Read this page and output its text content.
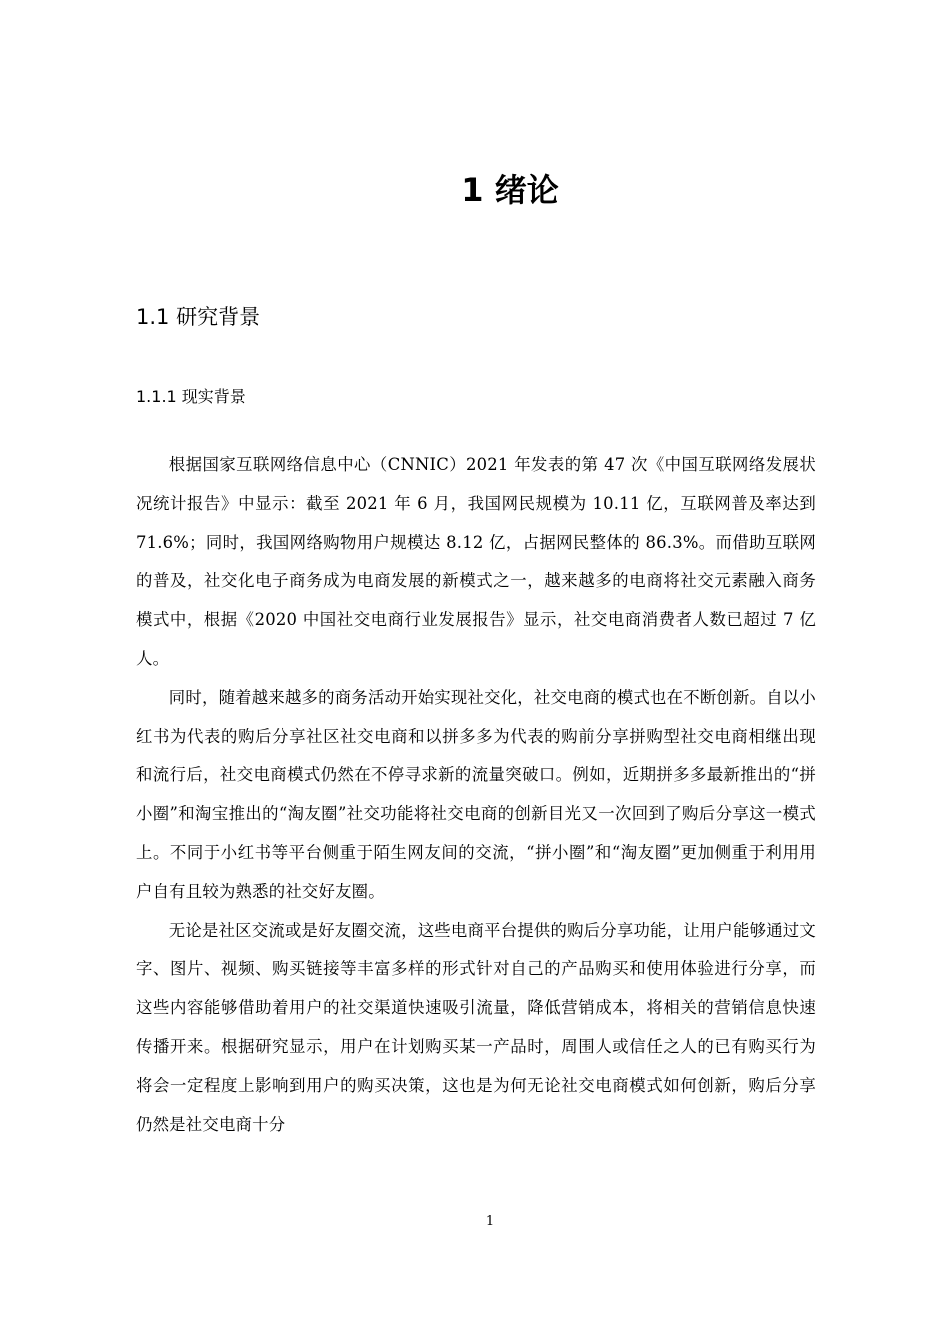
1 绪论
1.1 研究背景
1.1.1 现实背景

根据国家互联网络信息中心（CNNIC）2021 年发表的第 47 次《中国互联网络发展状况统计报告》中显示：截至 2021 年 6 月，我国网民规模为 10.11 亿，互联网普及率达到 71.6%；同时，我国网络购物用户规模达 8.12 亿，占据网民整体的 86.3%。而借助互联网的普及，社交化电子商务成为电商发展的新模式之一，越来越多的电商将社交元素融入商务模式中，根据《2020 中国社交电商行业发展报告》显示，社交电商消费者人数已超过 7 亿人。

同时，随着越来越多的商务活动开始实现社交化，社交电商的模式也在不断创新。自以小红书为代表的购后分享社区社交电商和以拼多多为代表的购前分享拼购型社交电商相继出现和流行后，社交电商模式仍然在不停寻求新的流量突破口。例如，近期拼多多最新推出的“拼小圈”和淘宝推出的“淘友圈”社交功能将社交电商的创新目光又一次回到了购后分享这一模式上。不同于小红书等平台侧重于陌生网友间的交流，“拼小圈”和“淘友圈”更加侧重于利用用户自有且较为熟悉的社交好友圈。

无论是社区交流或是好友圈交流，这些电商平台提供的购后分享功能，让用户能够通过文字、图片、视频、购买链接等丰富多样的形式针对自己的产品购买和使用体验进行分享，而这些内容能够借助着用户的社交渠道快速吸引流量，降低营销成本，将相关的营销信息快速传播开来。根据研究显示，用户在计划购买某一产品时，周围人或信任之人的已有购买行为将会一定程度上影响到用户的购买决策，这也是为何无论社交电商模式如何创新，购后分享仍然是社交电商十分

1
